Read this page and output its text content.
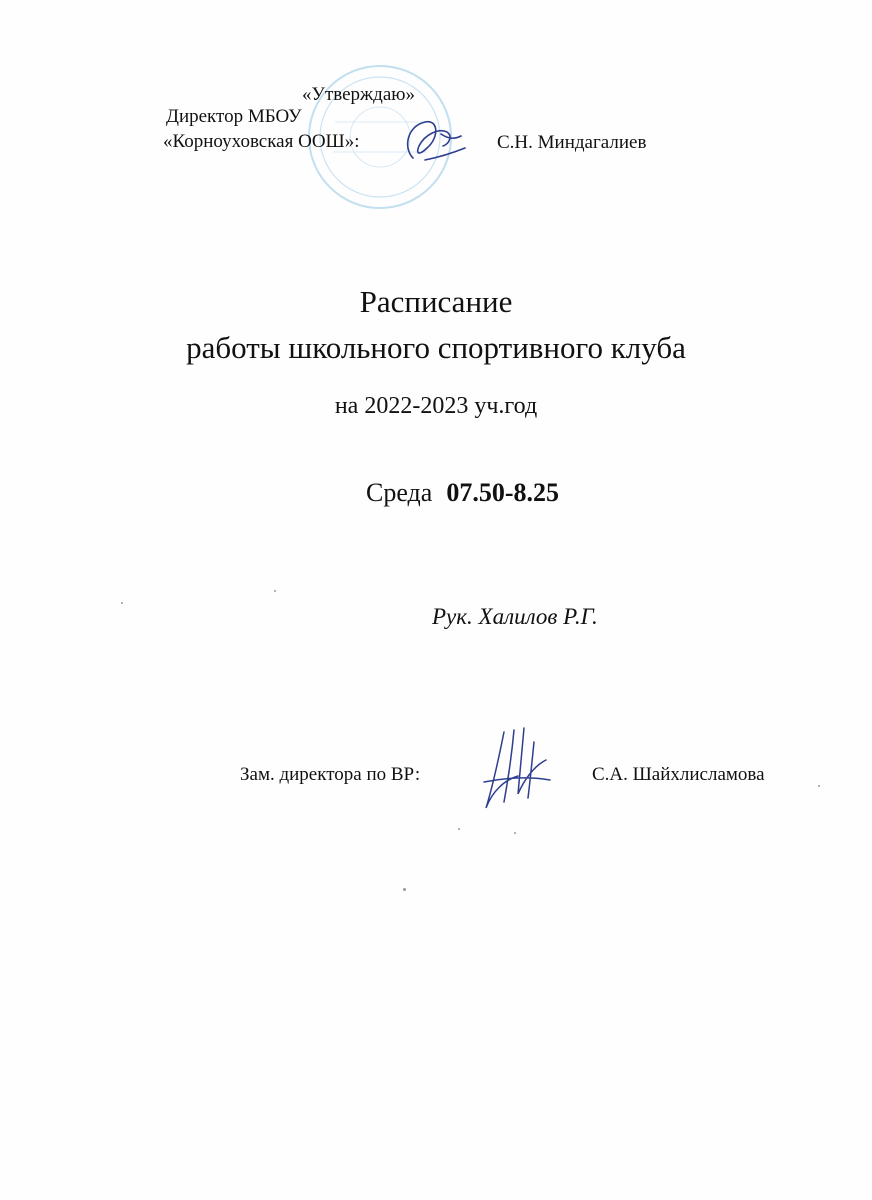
«Утверждаю»
Директор МБОУ
«Корноуховская ООШ»:	С.Н. Миндагалиев
Расписание
работы школьного спортивного клуба
на 2022-2023 уч.год
Среда 07.50-8.25
Рук. Халилов Р.Г.
Зам. директора по ВР:	С.А. Шайхлисламова
